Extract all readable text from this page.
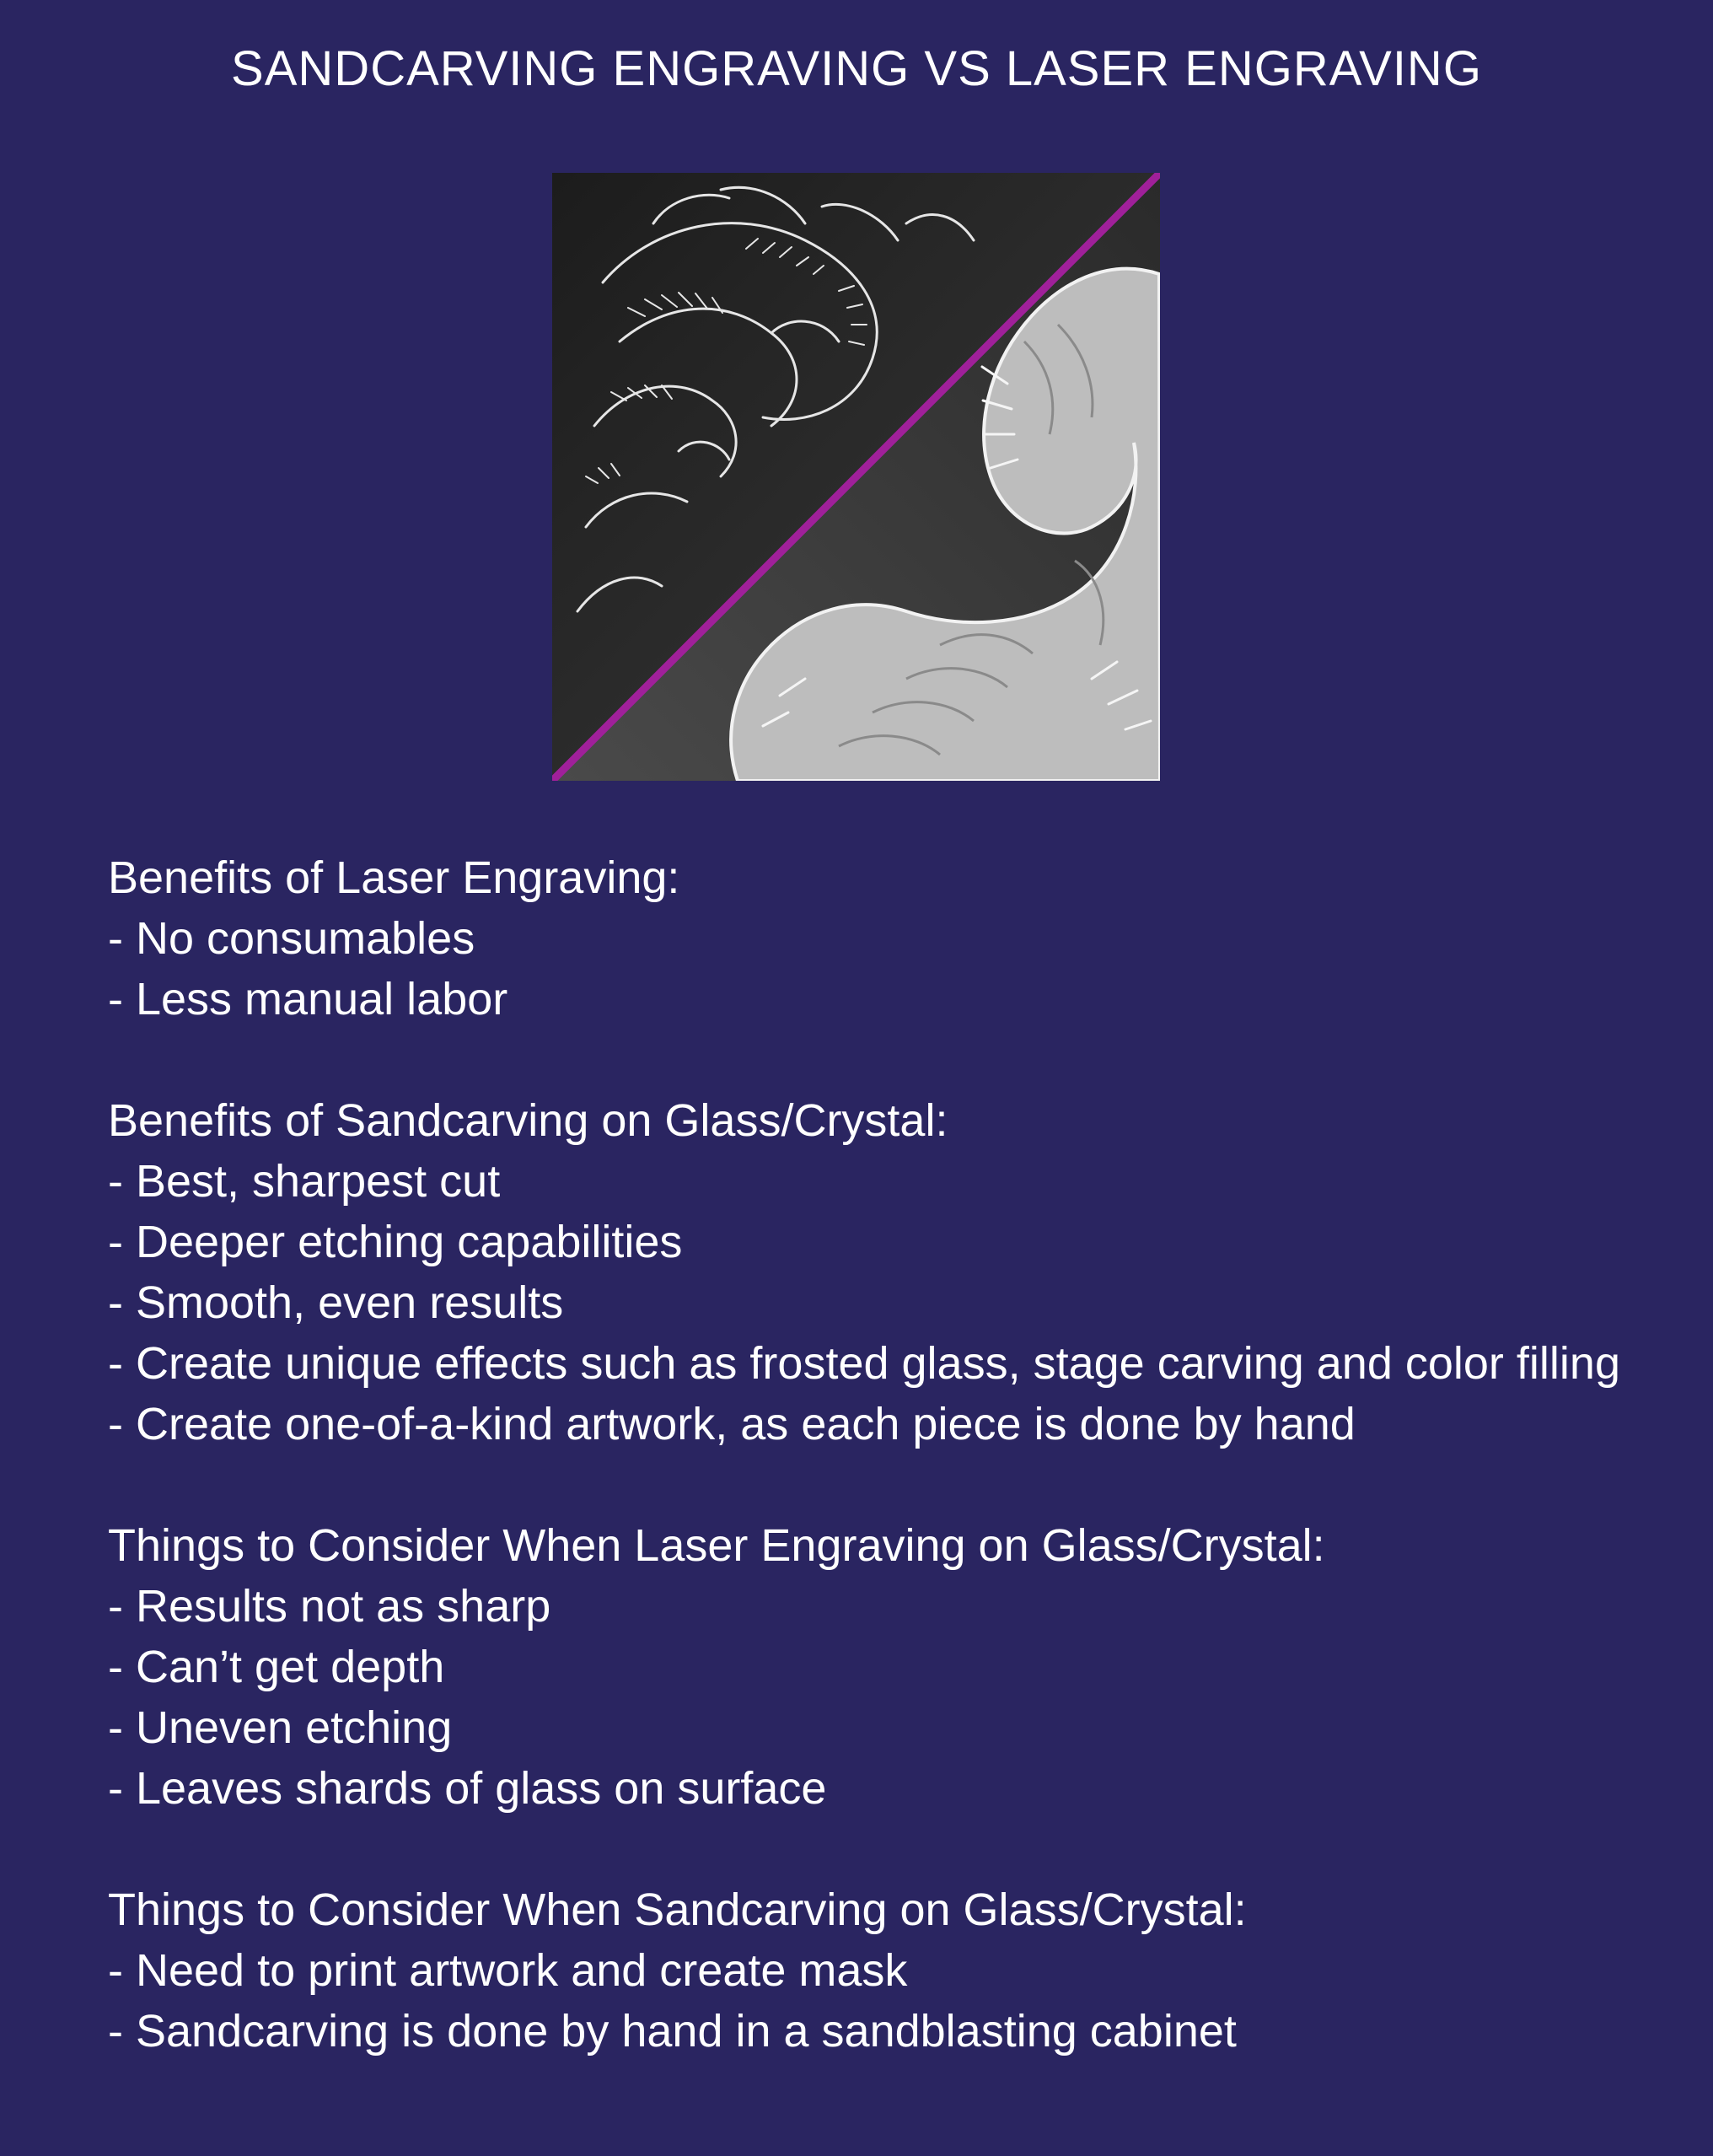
SANDCARVING ENGRAVING VS LASER ENGRAVING
Benefits of Laser Engraving:
- No consumables
- Less manual labor
Benefits of Sandcarving on Glass/Crystal:
- Best, sharpest cut
- Deeper etching capabilities
- Smooth, even results
- Create unique effects such as frosted glass, stage carving and color filling
- Create one-of-a-kind artwork, as each piece is done by hand
Things to Consider When Laser Engraving on Glass/Crystal:
- Results not as sharp
- Can’t get depth
- Uneven etching
- Leaves shards of glass on surface
Things to Consider When Sandcarving on Glass/Crystal:
- Need to print artwork and create mask
- Sandcarving is done by hand in a sandblasting cabinet
